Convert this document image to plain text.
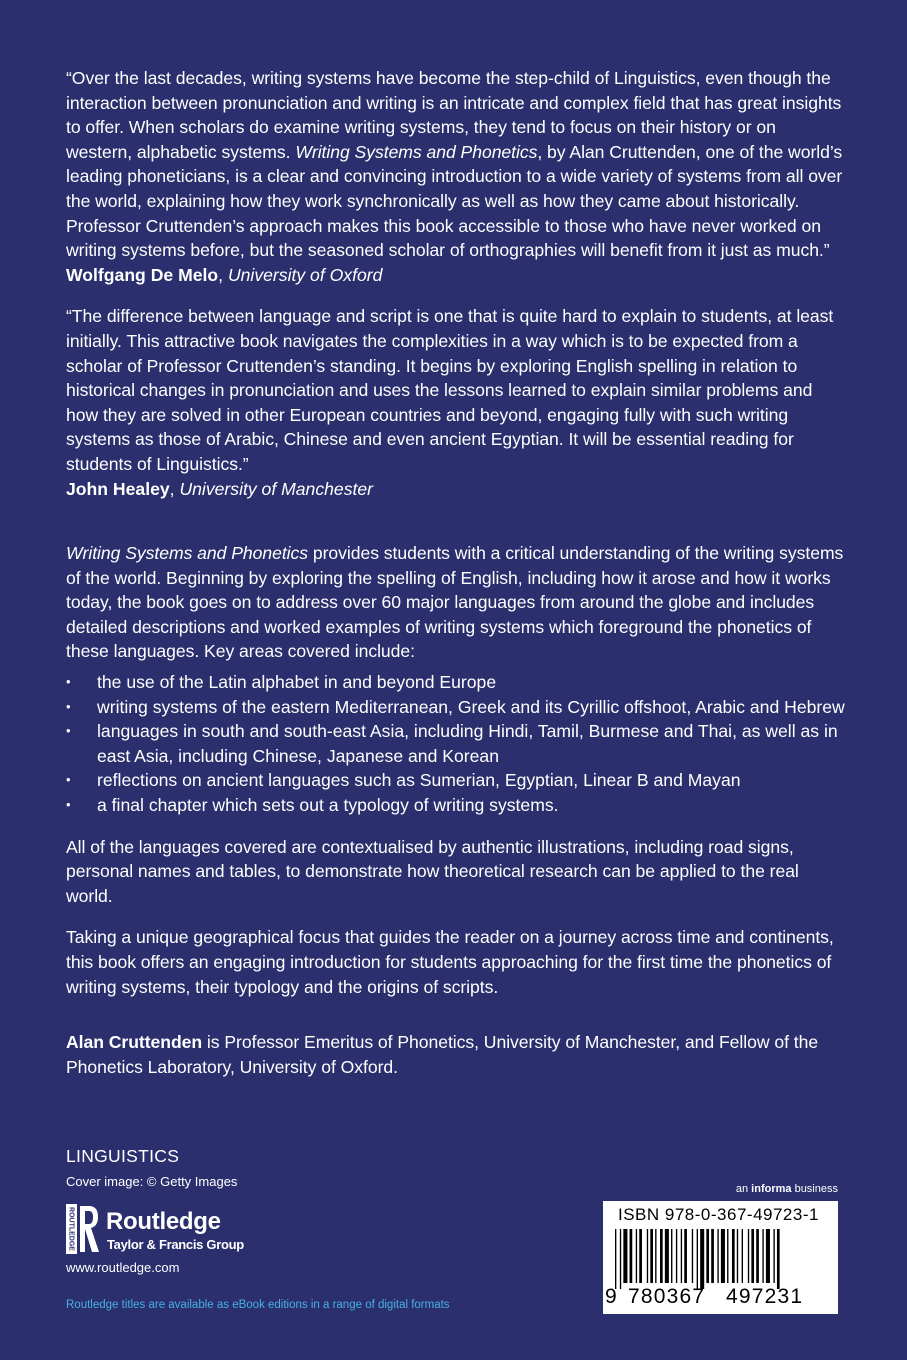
“Over the last decades, writing systems have become the step-child of Linguistics, even though the interaction between pronunciation and writing is an intricate and complex field that has great insights to offer. When scholars do examine writing systems, they tend to focus on their history or on western, alphabetic systems. Writing Systems and Phonetics, by Alan Cruttenden, one of the world’s leading phoneticians, is a clear and convincing introduction to a wide variety of systems from all over the world, explaining how they work synchronically as well as how they came about historically. Professor Cruttenden’s approach makes this book accessible to those who have never worked on writing systems before, but the seasoned scholar of orthographies will benefit from it just as much.”

Wolfgang De Melo, University of Oxford

“The difference between language and script is one that is quite hard to explain to students, at least initially. This attractive book navigates the complexities in a way which is to be expected from a scholar of Professor Cruttenden’s standing. It begins by exploring English spelling in relation to historical changes in pronunciation and uses the lessons learned to explain similar problems and how they are solved in other European countries and beyond, engaging fully with such writing systems as those of Arabic, Chinese and even ancient Egyptian. It will be essential reading for students of Linguistics.”

John Healey, University of Manchester

Writing Systems and Phonetics provides students with a critical understanding of the writing systems of the world. Beginning by exploring the spelling of English, including how it arose and how it works today, the book goes on to address over 60 major languages from around the globe and includes detailed descriptions and worked examples of writing systems which foreground the phonetics of these languages. Key areas covered include:

• the use of the Latin alphabet in and beyond Europe
• writing systems of the eastern Mediterranean, Greek and its Cyrillic offshoot, Arabic and Hebrew
• languages in south and south-east Asia, including Hindi, Tamil, Burmese and Thai, as well as in east Asia, including Chinese, Japanese and Korean
• reflections on ancient languages such as Sumerian, Egyptian, Linear B and Mayan
• a final chapter which sets out a typology of writing systems.

All of the languages covered are contextualised by authentic illustrations, including road signs, personal names and tables, to demonstrate how theoretical research can be applied to the real world.

Taking a unique geographical focus that guides the reader on a journey across time and continents, this book offers an engaging introduction for students approaching for the first time the phonetics of writing systems, their typology and the origins of scripts.

Alan Cruttenden is Professor Emeritus of Phonetics, University of Manchester, and Fellow of the Phonetics Laboratory, University of Oxford.

LINGUISTICS
Cover image: © Getty Images
ROUTLEDGE Routledge
Taylor & Francis Group
www.routledge.com
Routledge titles are available as eBook editions in a range of digital formats
an informa business
ISBN 978-0-367-49723-1
9 780367 497231
